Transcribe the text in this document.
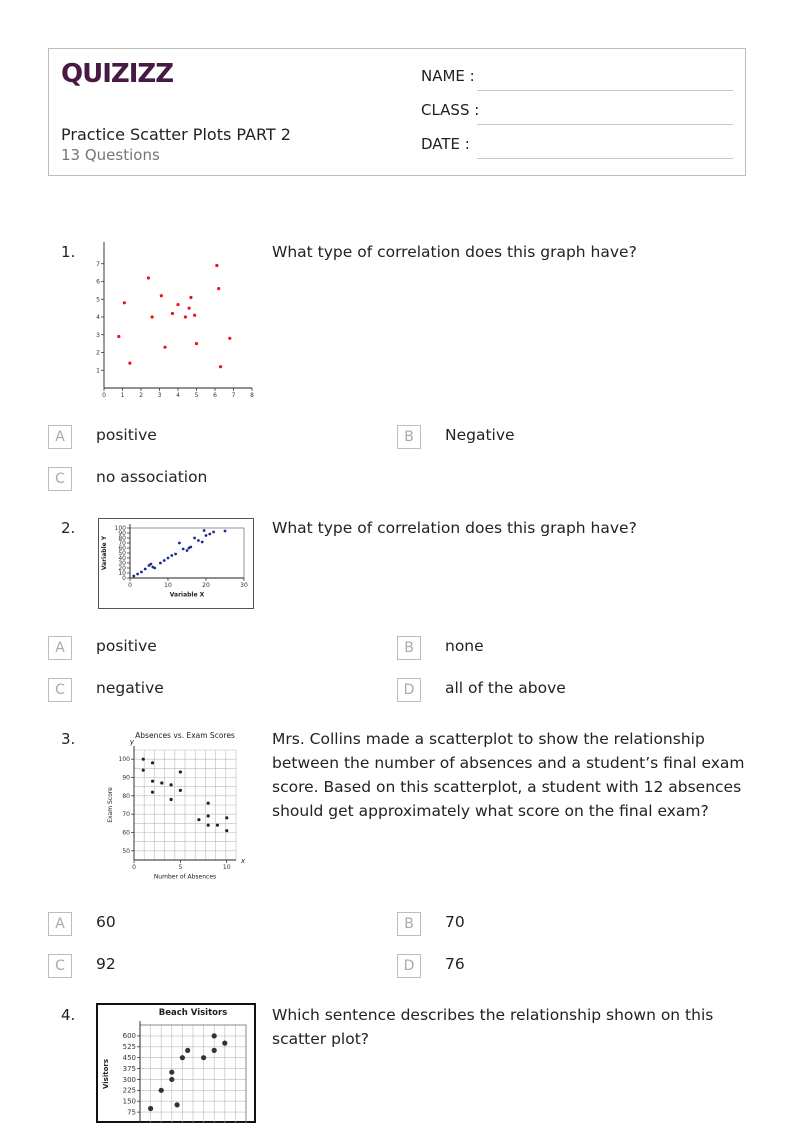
QUIZIZZ
Practice Scatter Plots PART 2
13 Questions
NAME :
CLASS :
DATE :
1.
0 1 2 3 4 5 6 7 8
1
2
3
4
5
6
7
What type of correlation does this graph have?
A	positive	B	Negative
C	no association
2.
0	10	20	30
0
10
20
30
40
50
60
70
80
90
100
Variable X
Variable Y
What type of correlation does this graph have?
A	positive	B	none
C	negative	D	all of the above
3.
0	5	10
50
60
70
80
90
100
Absences vs. Exam Scores
Number of Absences
Exam Score
x
y	Mrs. Collins made a scatterplot to show the relationship between the number of absences and a student’s final exam score. Based on this scatterplot, a student with 12 absences should get approximately what score on the final exam?
A	60	B	70
C	92	D	76
4.
75
150
225
300
375
450
525
600
Beach Visitors
Visitors
Which sentence describes the relationship shown on this scatter plot?
